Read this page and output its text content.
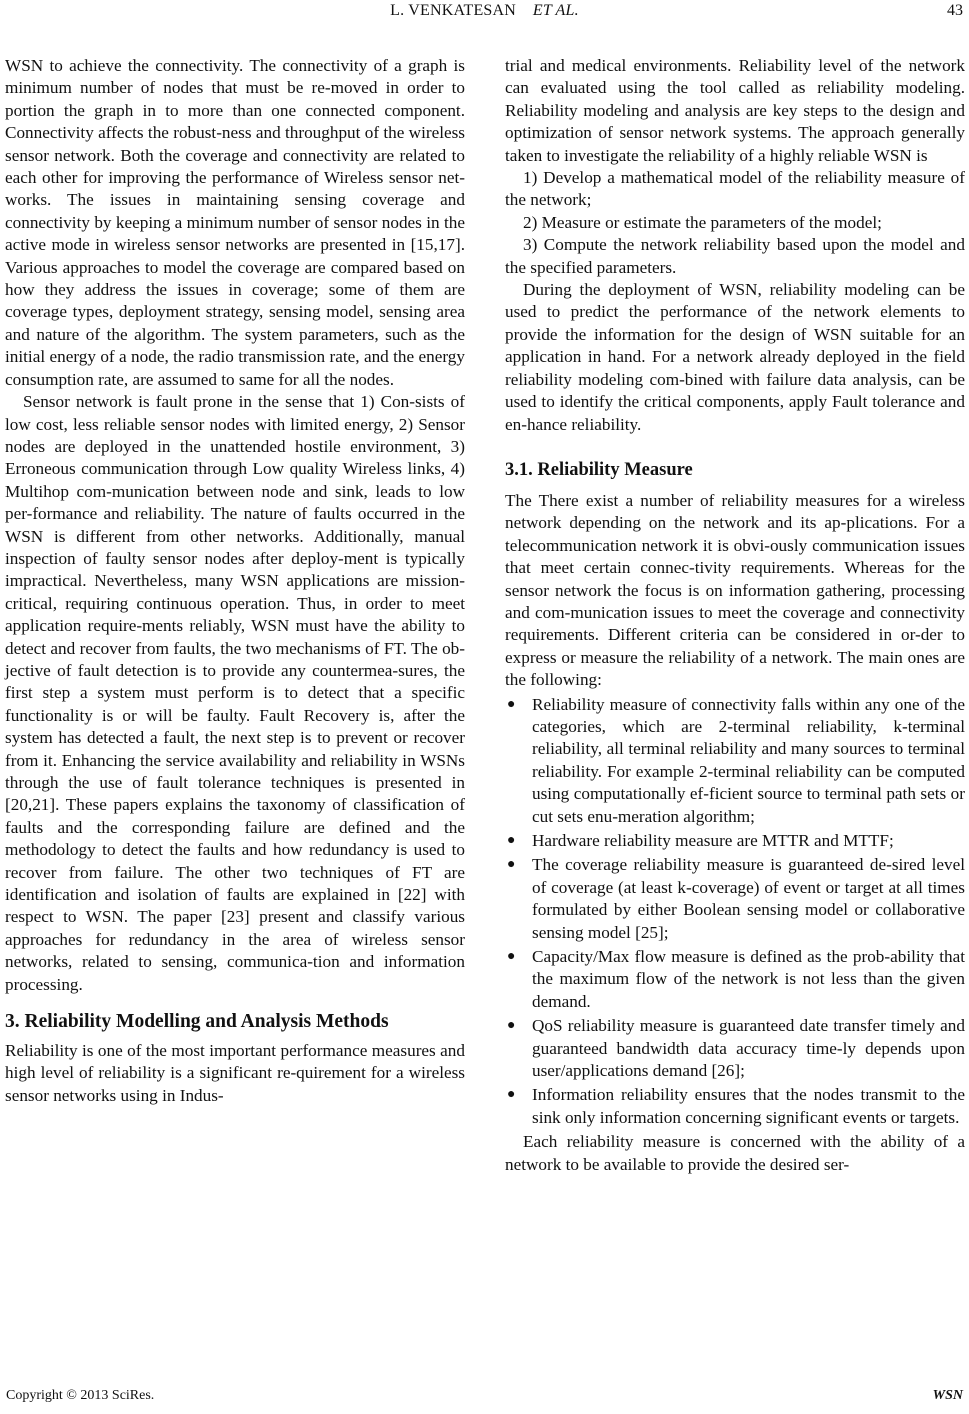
L. VENKATESAN ET AL.	43

WSN to achieve the connectivity. The connectivity of a graph is minimum number of nodes that must be re-moved in order to portion the graph in to more than one connected component. Connectivity affects the robust-ness and throughput of the wireless sensor network. Both the coverage and connectivity are related to each other for improving the performance of Wireless sensor net-works. The issues in maintaining sensing coverage and connectivity by keeping a minimum number of sensor nodes in the active mode in wireless sensor networks are presented in [15,17]. Various approaches to model the coverage are compared based on how they address the issues in coverage; some of them are coverage types, deployment strategy, sensing model, sensing area and nature of the algorithm. The system parameters, such as the initial energy of a node, the radio transmission rate, and the energy consumption rate, are assumed to same for all the nodes.

Sensor network is fault prone in the sense that 1) Con-sists of low cost, less reliable sensor nodes with limited energy, 2) Sensor nodes are deployed in the unattended hostile environment, 3) Erroneous communication through Low quality Wireless links, 4) Multihop com-munication between node and sink, leads to low per-formance and reliability. The nature of faults occurred in the WSN is different from other networks. Additionally, manual inspection of faulty sensor nodes after deploy-ment is typically impractical. Nevertheless, many WSN applications are mission-critical, requiring continuous operation. Thus, in order to meet application require-ments reliably, WSN must have the ability to detect and recover from faults, the two mechanisms of FT. The ob-jective of fault detection is to provide any countermea-sures, the first step a system must perform is to detect that a specific functionality is or will be faulty. Fault Recovery is, after the system has detected a fault, the next step is to prevent or recover from it. Enhancing the service availability and reliability in WSNs through the use of fault tolerance techniques is presented in [20,21]. These papers explains the taxonomy of classification of faults and the corresponding failure are defined and the methodology to detect the faults and how redundancy is used to recover from failure. The other two techniques of FT are identification and isolation of faults are explained in [22] with respect to WSN. The paper [23] present and classify various approaches for redundancy in the area of wireless sensor networks, related to sensing, communica-tion and information processing.

3. Reliability Modelling and Analysis Methods

Reliability is one of the most important performance measures and high level of reliability is a significant re-quirement for a wireless sensor networks using in Indus-

trial and medical environments. Reliability level of the network can evaluated using the tool called as reliability modeling. Reliability modeling and analysis are key steps to the design and optimization of sensor network systems. The approach generally taken to investigate the reliability of a highly reliable WSN is

1) Develop a mathematical model of the reliability measure of the network;

2) Measure or estimate the parameters of the model;

3) Compute the network reliability based upon the model and the specified parameters.

During the deployment of WSN, reliability modeling can be used to predict the performance of the network elements to provide the information for the design of WSN suitable for an application in hand. For a network already deployed in the field reliability modeling com-bined with failure data analysis, can be used to identify the critical components, apply Fault tolerance and en-hance reliability.

3.1. Reliability Measure

The There exist a number of reliability measures for a wireless network depending on the network and its ap-plications. For a telecommunication network it is obvi-ously communication issues that meet certain connec-tivity requirements. Whereas for the sensor network the focus is on information gathering, processing and com-munication issues to meet the coverage and connectivity requirements. Different criteria can be considered in or-der to express or measure the reliability of a network. The main ones are the following:

● Reliability measure of connectivity falls within any one of the categories, which are 2-terminal reliability, k-terminal reliability, all terminal reliability and many sources to terminal reliability. For example 2-terminal reliability can be computed using computationally ef-ficient source to terminal path sets or cut sets enu-meration algorithm;
● Hardware reliability measure are MTTR and MTTF;
● The coverage reliability measure is guaranteed de-sired level of coverage (at least k-coverage) of event or target at all times formulated by either Boolean sensing model or collaborative sensing model [25];
● Capacity/Max flow measure is defined as the prob-ability that the maximum flow of the network is not less than the given demand.
● QoS reliability measure is guaranteed date transfer timely and guaranteed bandwidth data accuracy time-ly depends upon user/applications demand [26];
● Information reliability ensures that the nodes transmit to the sink only information concerning significant events or targets.

Each reliability measure is concerned with the ability of a network to be available to provide the desired ser-

Copyright © 2013 SciRes.	WSN
